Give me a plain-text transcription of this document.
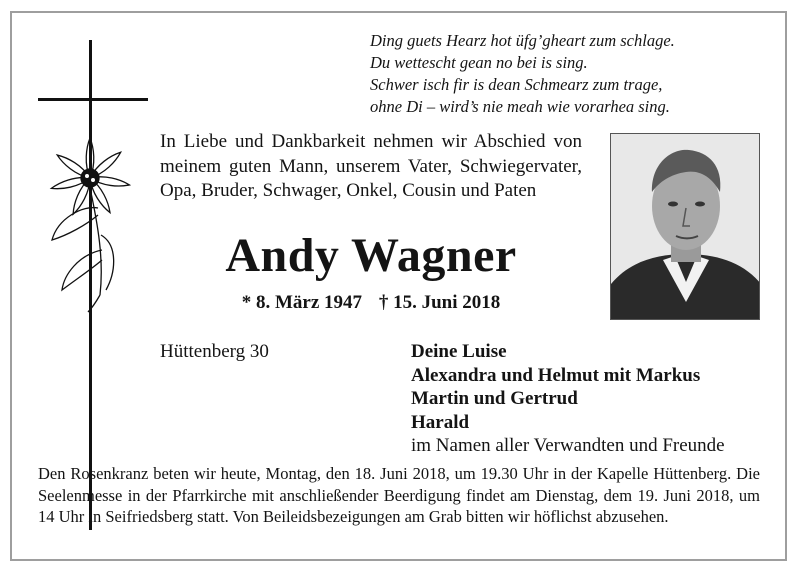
Ding guets Hearz hot üfg’gheart zum schlage.
Du wettescht gean no bei is sing.
Schwer isch fir is dean Schmearz zum trage,
ohne Di – wird’s nie meah wie vorarhea sing.
In Liebe und Dankbarkeit nehmen wir Abschied von meinem guten Mann, unserem Vater, Schwiegervater, Opa, Bruder, Schwager, Onkel, Cousin und Paten
Andy Wagner
* 8. März 1947 † 15. Juni 2018
Hüttenberg 30	Deine Luise
Alexandra und Helmut mit Markus
Martin und Gertrud
Harald
im Namen aller Verwandten und Freunde
Den Rosenkranz beten wir heute, Montag, den 18. Juni 2018, um 19.30 Uhr in der Kapelle Hüttenberg. Die Seelenmesse in der Pfarrkirche mit anschließender Beerdigung findet am Dienstag, dem 19. Juni 2018, um 14 Uhr in Seifriedsberg statt. Von Beileidsbezeigungen am Grab bitten wir höflichst abzusehen.
